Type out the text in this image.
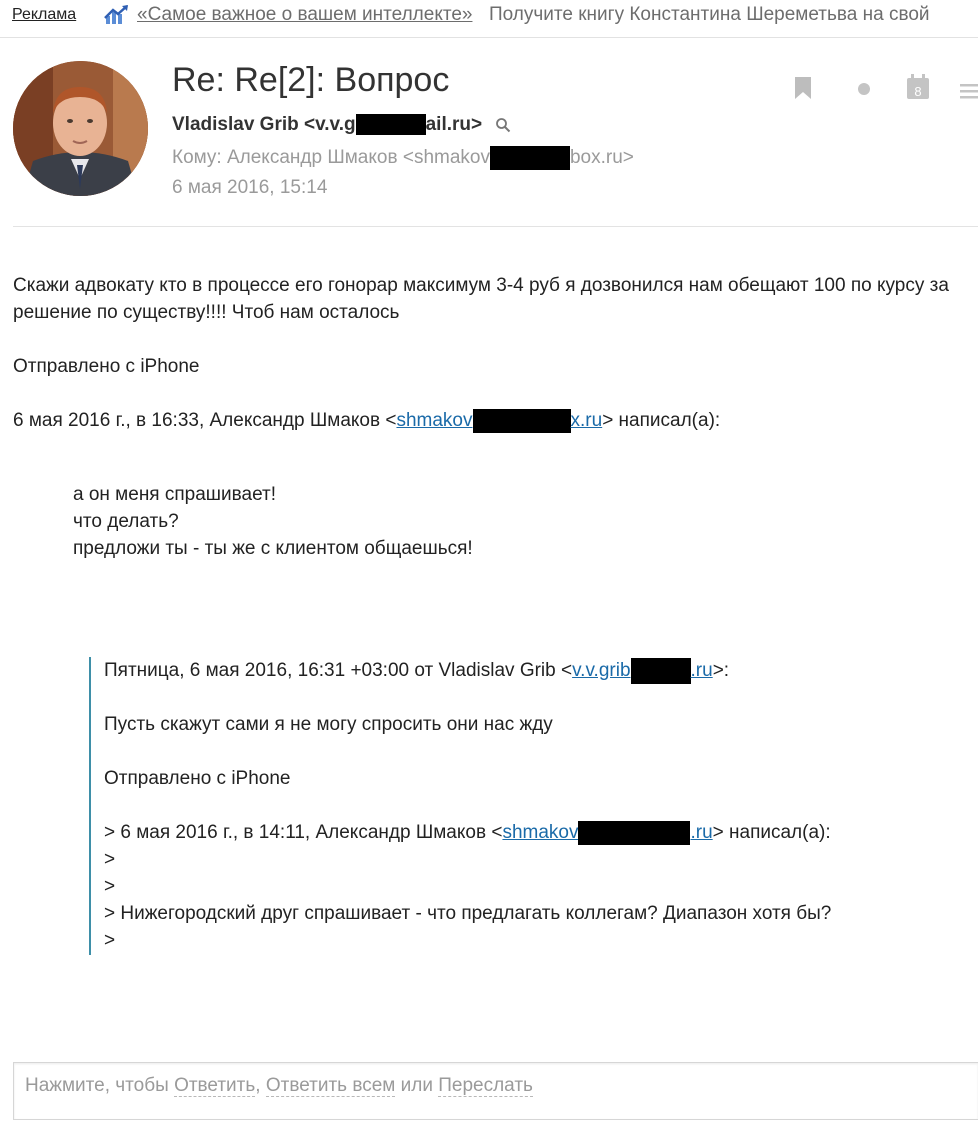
Реклама	«Самое важное о вашем интеллекте» Получите книгу Константина Шереметьва на свой
Re: Re[2]: Вопрос
Vladislav Grib <v.v.g	ail.ru>
Кому: Александр Шмаков <shmakov	box.ru>
6 мая 2016, 15:14
8
Скажи адвокату кто в процессе его гонорар максимум 3-4 руб я дозвонился нам обещают 100 по курсу за решение по существу!!!! Чтоб нам осталось
Отправлено с iPhone
6 мая 2016 г., в 16:33, Александр Шмаков <shmakov	x.ru> написал(а):
а он меня спрашивает!
что делать?
предложи ты - ты же с клиентом общаешься!
Пятница, 6 мая 2016, 16:31 +03:00 от Vladislav Grib <v.v.grib	.ru>:
Пусть скажут сами я не могу спросить они нас жду
Отправлено с iPhone
> 6 мая 2016 г., в 14:11, Александр Шмаков <shmakov	.ru> написал(а):
>
>
> Нижегородский друг спрашивает - что предлагать коллегам? Диапазон хотя бы?
>
Нажмите, чтобы Ответить, Ответить всем или Переслать
